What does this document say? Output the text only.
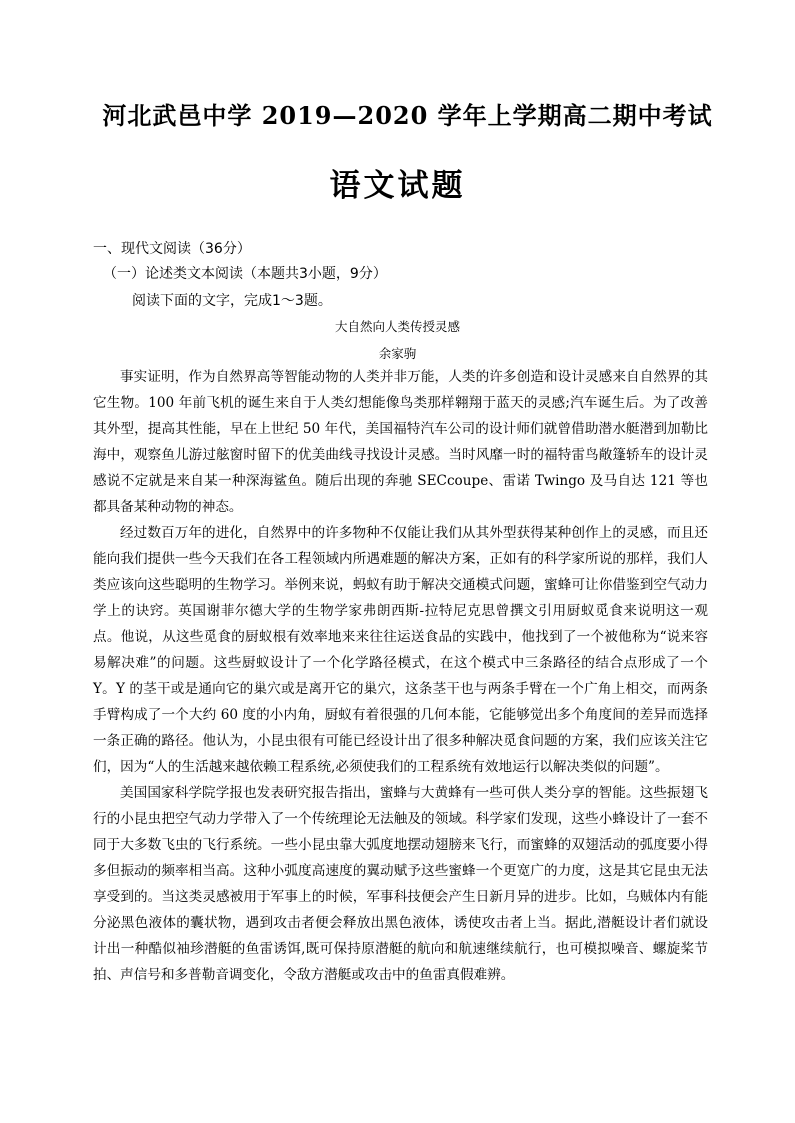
河北武邑中学 2019—2020 学年上学期高二期中考试
语文试题

一、现代文阅读（36分）

（一）论述类文本阅读（本题共3小题，9分）

阅读下面的文字，完成1～3题。

大自然向人类传授灵感

余家驹

事实证明，作为自然界高等智能动物的人类并非万能，人类的许多创造和设计灵感来自自然界的其它生物。100 年前飞机的诞生来自于人类幻想能像鸟类那样翱翔于蓝天的灵感;汽车诞生后。为了改善其外型，提高其性能，早在上世纪 50 年代，美国福特汽车公司的设计师们就曾借助潜水艇潜到加勒比海中，观察鱼儿游过舷窗时留下的优美曲线寻找设计灵感。当时风靡一时的福特雷鸟敞篷轿车的设计灵感说不定就是来自某一种深海鲨鱼。随后出现的奔驰 SECcoupe、雷诺 Twingo 及马自达 121 等也都具备某种动物的神态。

经过数百万年的进化，自然界中的许多物种不仅能让我们从其外型获得某种创作上的灵感，而且还能向我们提供一些今天我们在各工程领域内所遇难题的解决方案，正如有的科学家所说的那样，我们人类应该向这些聪明的生物学习。举例来说，蚂蚁有助于解决交通模式问题，蜜蜂可让你借鉴到空气动力学上的诀窍。英国谢菲尔德大学的生物学家弗朗西斯-拉特尼克思曾撰文引用厨蚁觅食来说明这一观点。他说，从这些觅食的厨蚁根有效率地来来往往运送食品的实践中，他找到了一个被他称为“说来容易解决难”的问题。这些厨蚁设计了一个化学路径模式，在这个模式中三条路径的结合点形成了一个 Y。Y 的茎干或是通向它的巢穴或是离开它的巢穴，这条茎干也与两条手臂在一个广角上相交，而两条手臂构成了一个大约 60 度的小内角，厨蚁有着很强的几何本能，它能够觉出多个角度间的差异而选择一条正确的路径。他认为，小昆虫很有可能已经设计出了很多种解决觅食问题的方案，我们应该关注它们，因为“人的生活越来越依赖工程系统,必须使我们的工程系统有效地运行以解决类似的问题”。

美国国家科学院学报也发表研究报告指出，蜜蜂与大黄蜂有一些可供人类分享的智能。这些振翅飞行的小昆虫把空气动力学带入了一个传统理论无法触及的领域。科学家们发现，这些小蜂设计了一套不同于大多数飞虫的飞行系统。一些小昆虫靠大弧度地摆动翅膀来飞行，而蜜蜂的双翅活动的弧度要小得多但振动的频率相当高。这种小弧度高速度的翼动赋予这些蜜蜂一个更宽广的力度，这是其它昆虫无法享受到的。当这类灵感被用于军事上的时候，军事科技便会产生日新月异的进步。比如，乌贼体内有能分泌黑色液体的囊状物，遇到攻击者便会释放出黑色液体，诱使攻击者上当。据此,潜艇设计者们就设计出一种酷似袖珍潜艇的鱼雷诱饵,既可保持原潜艇的航向和航速继续航行，也可模拟噪音、螺旋桨节拍、声信号和多普勒音调变化，令敌方潜艇或攻击中的鱼雷真假难辨。
